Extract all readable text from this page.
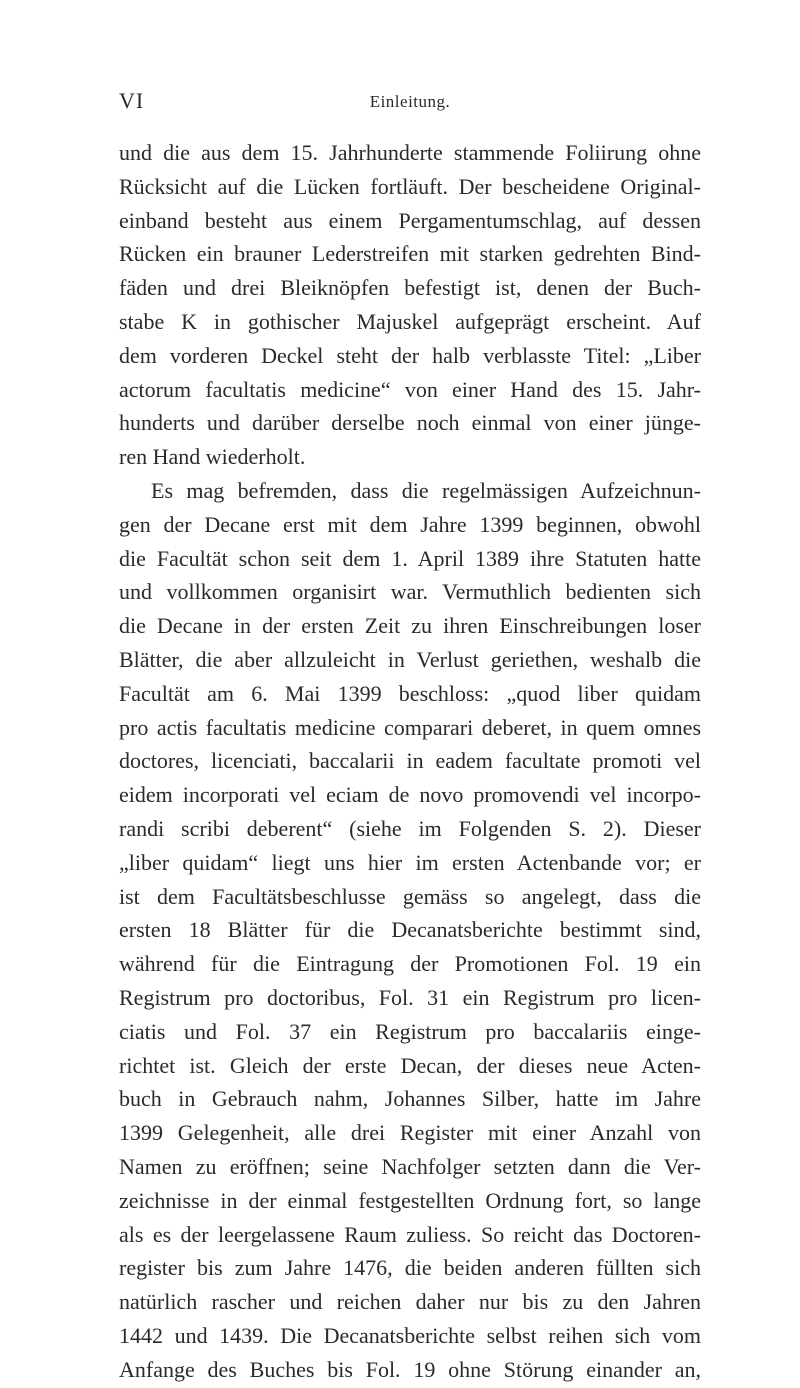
VI	Einleitung.
und die aus dem 15. Jahrhunderte stammende Foliirung ohne
Rücksicht auf die Lücken fortläuft. Der bescheidene Original-
einband besteht aus einem Pergamentumschlag, auf dessen
Rücken ein brauner Lederstreifen mit starken gedrehten Bind-
fäden und drei Bleiknöpfen befestigt ist, denen der Buch-
stabe K in gothischer Majuskel aufgeprägt erscheint. Auf
dem vorderen Deckel steht der halb verblasste Titel: „Liber
actorum facultatis medicine“ von einer Hand des 15. Jahr-
hunderts und darüber derselbe noch einmal von einer jünge-
ren Hand wiederholt.
Es mag befremden, dass die regelmässigen Aufzeichnun-
gen der Decane erst mit dem Jahre 1399 beginnen, obwohl
die Facultät schon seit dem 1. April 1389 ihre Statuten hatte
und vollkommen organisirt war. Vermuthlich bedienten sich
die Decane in der ersten Zeit zu ihren Einschreibungen loser
Blätter, die aber allzuleicht in Verlust geriethen, weshalb die
Facultät am 6. Mai 1399 beschloss: „quod liber quidam
pro actis facultatis medicine comparari deberet, in quem omnes
doctores, licenciati, baccalarii in eadem facultate promoti vel
eidem incorporati vel eciam de novo promovendi vel incorpo-
randi scribi deberent“ (siehe im Folgenden S. 2). Dieser
„liber quidam“ liegt uns hier im ersten Actenbande vor; er
ist dem Facultätsbeschlusse gemäss so angelegt, dass die
ersten 18 Blätter für die Decanatsberichte bestimmt sind,
während für die Eintragung der Promotionen Fol. 19 ein
Registrum pro doctoribus, Fol. 31 ein Registrum pro licen-
ciatis und Fol. 37 ein Registrum pro baccalariis einge-
richtet ist. Gleich der erste Decan, der dieses neue Acten-
buch in Gebrauch nahm, Johannes Silber, hatte im Jahre
1399 Gelegenheit, alle drei Register mit einer Anzahl von
Namen zu eröffnen; seine Nachfolger setzten dann die Ver-
zeichnisse in der einmal festgestellten Ordnung fort, so lange
als es der leergelassene Raum zuliess. So reicht das Doctoren-
register bis zum Jahre 1476, die beiden anderen füllten sich
natürlich rascher und reichen daher nur bis zu den Jahren
1442 und 1439. Die Decanatsberichte selbst reihen sich vom
Anfange des Buches bis Fol. 19 ohne Störung einander an,
